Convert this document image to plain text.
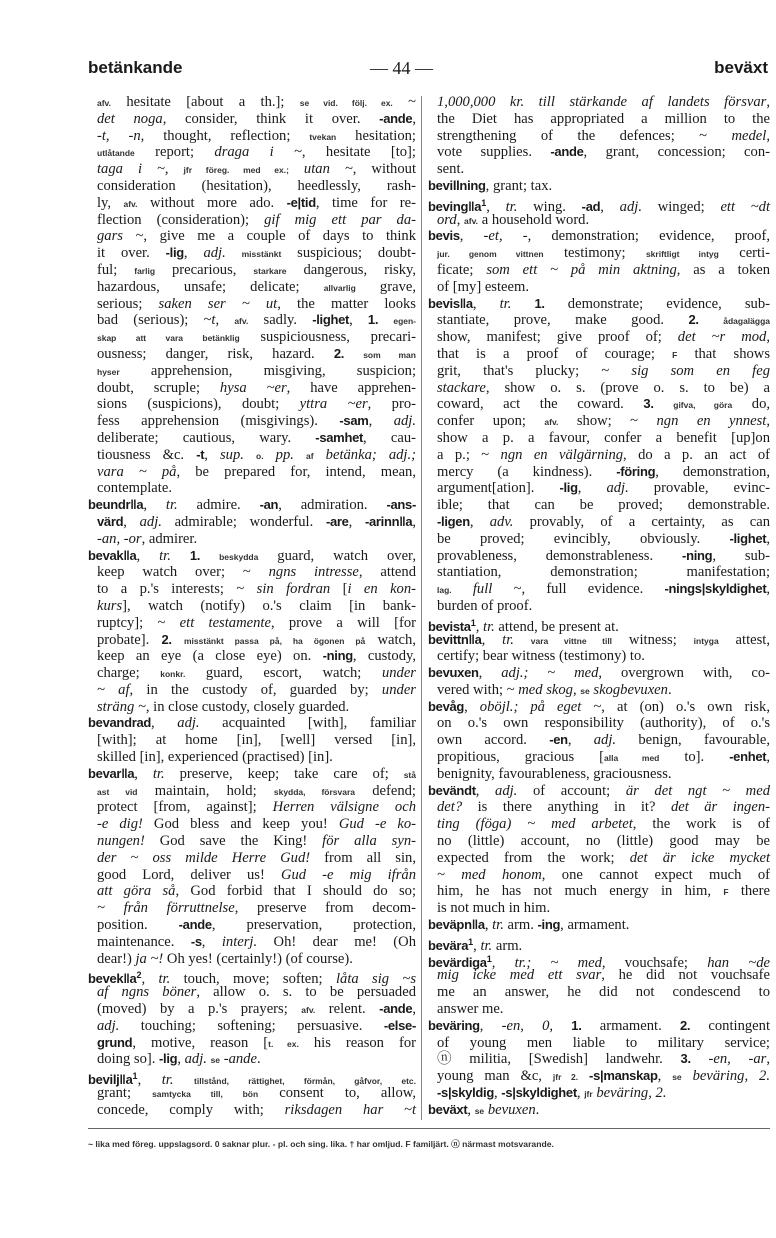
betänkande	— 44 —	beväxt
afv. hesitate [about a th.]; se vid. följ. ex. ~
det noga, consider, think it over. -ande,
-t, -n, thought, reflection; tvekan hesitation;
utlåtande report; draga i ~, hesitate [to];
taga i ~, jfr föreg. med ex.; utan ~, without
consideration (hesitation), heedlessly, rash-
ly, afv. without more ado. -e|tid, time for re-
flection (consideration); gif mig ett par da-
gars ~, give me a couple of days to think
it over. -lig, adj. misstänkt suspicious; doubt-
ful; farlig precarious, starkare dangerous, risky,
hazardous, unsafe; delicate; allvarlig grave,
serious; saken ser ~ ut, the matter looks
bad (serious); ~t, afv. sadly. -lighet, 1. egen-
skap att vara betänklig suspiciousness, precari-
ousness; danger, risk, hazard. 2. som man
hyser apprehension, misgiving, suspicion;
doubt, scruple; hysa ~er, have apprehen-
sions (suspicions), doubt; yttra ~er, pro-
fess apprehension (misgivings). -sam, adj.
deliberate; cautious, wary. -samhet, cau-
tiousness &c. -t, sup. o. pp. af betänka; adj.;
vara ~ på, be prepared for, intend, mean,
contemplate.
beundr‖a, tr. admire. -an, admiration. -ans-
värd, adj. admirable; wonderful. -are, -arinn‖a,
-an, -or, admirer.
bevak‖a, tr. 1. beskydda guard, watch over,
keep watch over; ~ ngns intresse, attend
to a p.'s interests; ~ sin fordran [i en kon-
kurs], watch (notify) o.'s claim [in bank-
ruptcy]; ~ ett testamente, prove a will [for
probate]. 2. misstänkt passa på, ha ögonen på watch,
keep an eye (a close eye) on. -ning, custody,
charge; konkr. guard, escort, watch; under
~ af, in the custody of, guarded by; under
sträng ~, in close custody, closely guarded.
bevandrad, adj. acquainted [with], familiar
[with]; at home [in], [well] versed [in],
skilled [in], experienced (practised) [in].
bevar‖a, tr. preserve, keep; take care of; stå
ast vid maintain, hold; skydda, försvara defend;
protect [from, against]; Herren välsigne och
-e dig! God bless and keep you! Gud -e ko-
nungen! God save the King! för alla syn-
der ~ oss milde Herre Gud! from all sin,
good Lord, deliver us! Gud -e mig ifrån
att göra så, God forbid that I should do so;
~ från förruttnelse, preserve from decom-
position. -ande, preservation, protection,
maintenance. -s, interj. Oh! dear me! (Oh
dear!) ja ~! Oh yes! (certainly!) (of course).
$bevek‖a^2$, tr. touch, move; soften; låta sig ~s
af ngns böner, allow o. s. to be persuaded
(moved) by a p.'s prayers; afv. relent. -ande,
adj. touching; softening; persuasive. -else-
grund, motive, reason [t. ex. his reason for
doing so]. -lig, adj. se -ande.
$bevilj‖a^1$, tr. tillstånd, rättighet, förmån, gåfvor, etc.
grant; samtycka till, bön consent to, allow,
concede, comply with; riksdagen har ~t
1,000,000 kr. till stärkande af landets försvar,
the Diet has appropriated a million to the
strengthening of the defences; ~ medel,
vote supplies. -ande, grant, concession; con-
sent.
bevillning, grant; tax.
$beving‖a^1$, tr. wing. -ad, adj. winged; ett ~dt
ord, afv. a household word.
bevis, -et, -, demonstration; evidence, proof,
jur. genom vittnen testimony; skriftligt intyg certi-
ficate; som ett ~ på min aktning, as a token
of [my] esteem.
bevis‖a, tr. 1. demonstrate; evidence, sub-
stantiate, prove, make good. 2.	ådagalägga
show, manifest; give proof of; det ~r mod,
that is a proof of courage; F that shows
grit, that's plucky; ~ sig som en feg
stackare, show o. s. (prove o. s. to be) a
coward, act the coward. 3. gifva, göra do,
confer upon; afv. show; ~ ngn en ynnest,
show a p. a favour, confer a benefit [up]on
a p.; ~ ngn en välgärning, do a p. an act of
mercy (a kindness). -föring, demonstration,
argument[ation]. -lig, adj. provable, evinc-
ible; that can be proved; demonstrable.
-ligen, adv. provably, of a certainty, as can
be proved; evincibly, obviously. -lighet,
provableness, demonstrableness. -ning, sub-
stantiation, demonstration; manifestation;
lag. full ~, full evidence. -nings|skyldighet,
burden of proof.
bevista$^1$, tr. attend, be present at.
bevittn‖a, tr. vara vittne till witness; intyga attest,
certify; bear witness (testimony) to.
bevuxen, adj.; ~ med, overgrown with, co-
vered with; ~ med skog, se skogbevuxen.
bevåg, oböjl.; på eget ~, at (on) o.'s own risk,
on o.'s own responsibility (authority), of o.'s
own accord. -en, adj. benign, favourable,
propitious, gracious [alla med to]. -enhet,
benignity, favourableness, graciousness.
bevändt, adj. of account; är det ngt ~ med
det? is there anything in it? det är ingen-
ting (föga) ~ med arbetet, the work is of
no (little) account, no (little) good may be
expected from the work; det är icke mycket
~ med honom, one cannot expect much of
him, he has not much energy in him, F there
is not much in him.
beväpn‖a, tr. arm. -ing, armament.
bevära$^1$, tr. arm.
bevärdiga$^1$, tr.; ~ med, vouchsafe; han ~de
mig icke med ett svar, he did not vouchsafe
me an answer, he did not condescend to
answer me.
beväring, -en, 0, 1. armament. 2. contingent
of young men liable to military service;
ⓝ militia, [Swedish] landwehr. 3. -en, -ar,
young man &c, jfr 2. -s|manskap, se beväring, 2.
-s|skyldig, -s|skyldighet, jfr beväring, 2.
beväxt, se bevuxen.
~ lika med föreg. uppslagsord. 0 saknar plur. - pl. och sing. lika. † har omljud. F familjärt. ⓝ närmast motsvarande.
